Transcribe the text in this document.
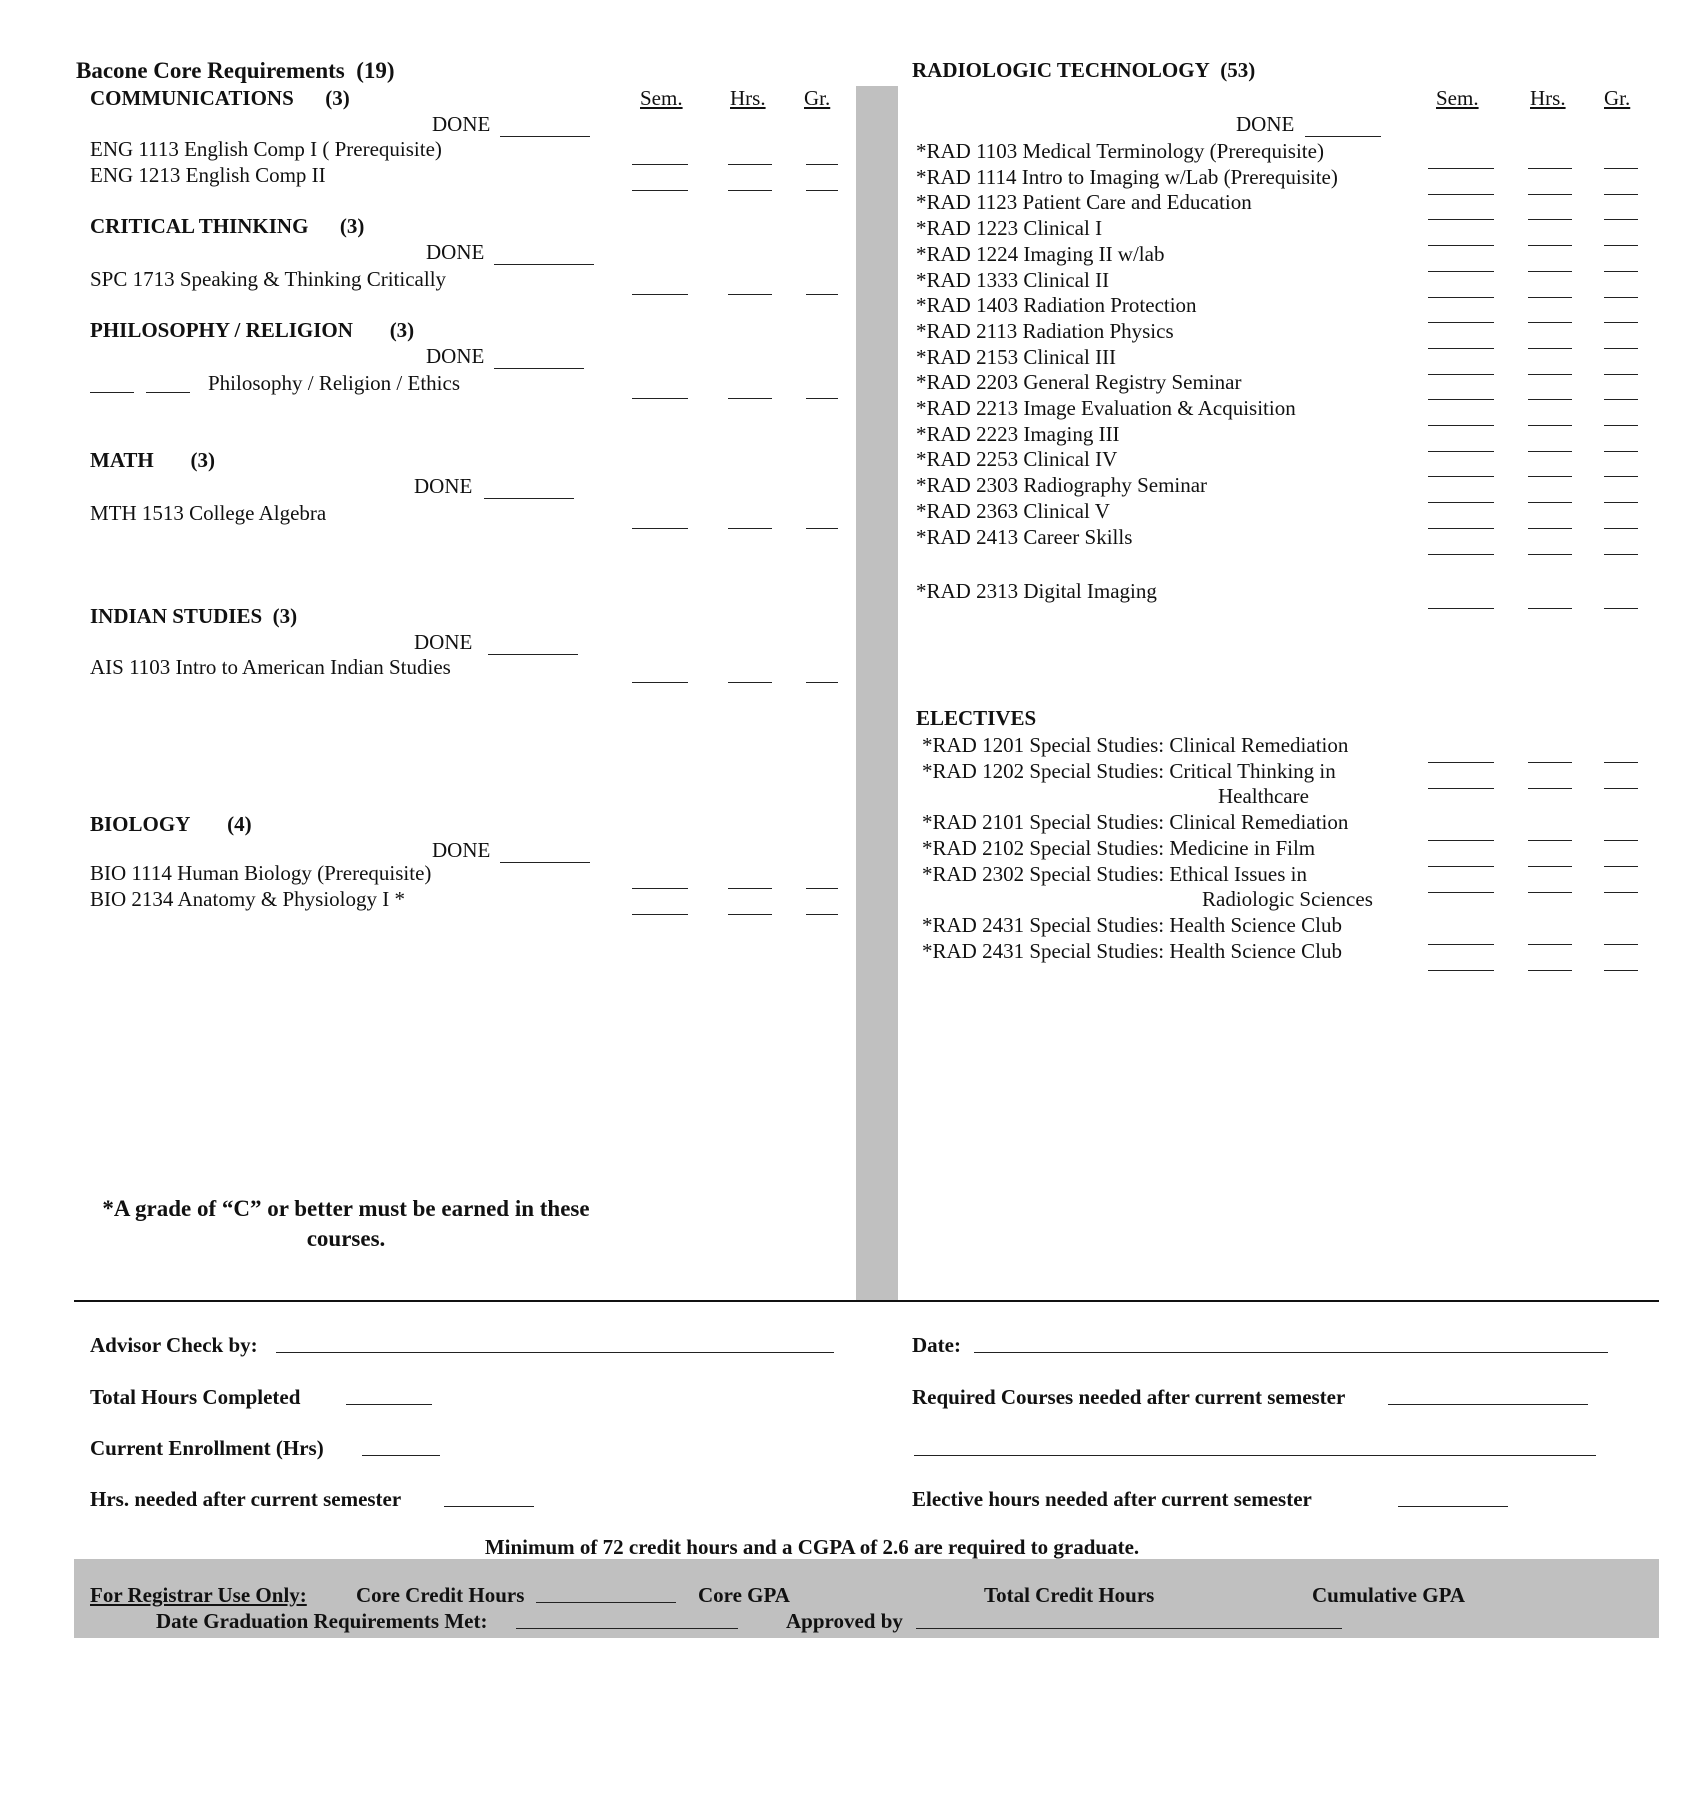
Bacone Core Requirements (19)
Sem. Hrs. Gr.
COMMUNICATIONS (3)
DONE
ENG 1113 English Comp I ( Prerequisite)
ENG 1213 English Comp II
CRITICAL THINKING (3)
DONE
SPC 1713 Speaking & Thinking Critically
PHILOSOPHY / RELIGION (3)
DONE
Philosophy / Religion / Ethics
MATH (3)
DONE
MTH 1513 College Algebra
INDIAN STUDIES (3)
DONE
AIS 1103 Intro to American Indian Studies
BIOLOGY (4)
DONE
BIO 1114 Human Biology (Prerequisite)
BIO 2134 Anatomy & Physiology I *
*A grade of “C” or better must be earned in these courses.
RADIOLOGIC TECHNOLOGY (53)
Sem. Hrs. Gr.
DONE
*RAD 1103 Medical Terminology (Prerequisite)
*RAD 1114 Intro to Imaging w/Lab (Prerequisite)
*RAD 1123 Patient Care and Education
*RAD 1223 Clinical I
*RAD 1224 Imaging II w/lab
*RAD 1333 Clinical II
*RAD 1403 Radiation Protection
*RAD 2113 Radiation Physics
*RAD 2153 Clinical III
*RAD 2203 General Registry Seminar
*RAD 2213 Image Evaluation & Acquisition
*RAD 2223 Imaging III
*RAD 2253 Clinical IV
*RAD 2303 Radiography Seminar
*RAD 2363 Clinical V
*RAD 2413 Career Skills
*RAD 2313 Digital Imaging
ELECTIVES
*RAD 1201 Special Studies: Clinical Remediation
*RAD 1202 Special Studies: Critical Thinking in
Healthcare
*RAD 2101 Special Studies: Clinical Remediation
*RAD 2102 Special Studies: Medicine in Film
*RAD 2302 Special Studies: Ethical Issues in
Radiologic Sciences
*RAD 2431 Special Studies: Health Science Club
*RAD 2431 Special Studies: Health Science Club
Advisor Check by:	Date:
Total Hours Completed	Required Courses needed after current semester
Current Enrollment (Hrs)
Hrs. needed after current semester	Elective hours needed after current semester
Minimum of 72 credit hours and a CGPA of 2.6 are required to graduate.
For Registrar Use Only: Core Credit Hours	Core GPA	Total Credit Hours	Cumulative GPA
Date Graduation Requirements Met:	Approved by
